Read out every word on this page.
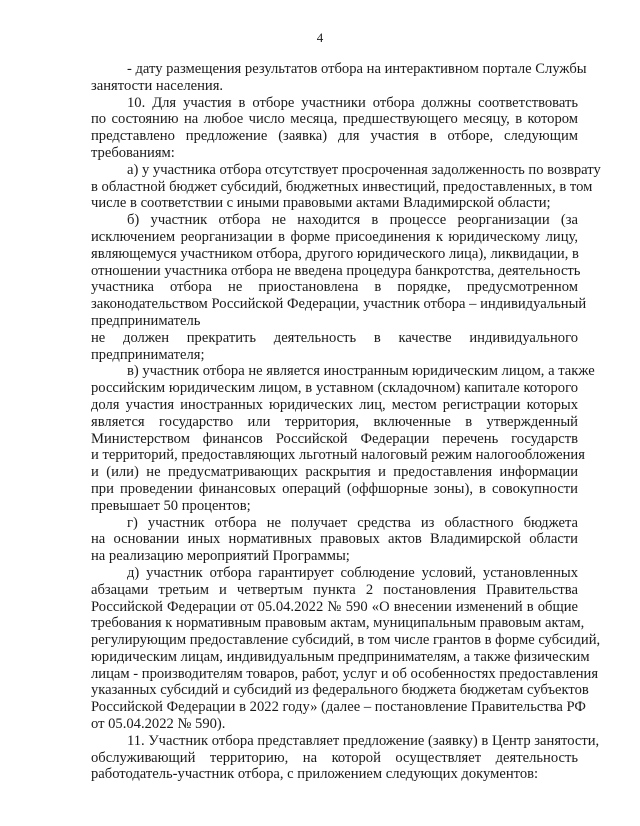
4
- дату размещения результатов отбора на интерактивном портале Службы
занятости населения.
10. Для участия в отборе участники отбора должны соответствовать
по состоянию на любое число месяца, предшествующего месяцу, в котором
представлено предложение (заявка) для участия в отборе, следующим
требованиям:
а) у участника отбора отсутствует просроченная задолженность по возврату
в областной бюджет субсидий, бюджетных инвестиций, предоставленных, в том
числе в соответствии с иными правовыми актами Владимирской области;
б) участник отбора не находится в процессе реорганизации (за
исключением реорганизации в форме присоединения к юридическому лицу,
являющемуся участником отбора, другого юридического лица), ликвидации, в
отношении участника отбора не введена процедура банкротства, деятельность
участника отбора не приостановлена в порядке, предусмотренном
законодательством Российской Федерации, участник отбора – индивидуальный
предприниматель
не должен прекратить деятельность в качестве индивидуального
предпринимателя;
в) участник отбора не является иностранным юридическим лицом, а также
российским юридическим лицом, в уставном (складочном) капитале которого
доля участия иностранных юридических лиц, местом регистрации которых
является государство или территория, включенные в утвержденный
Министерством финансов Российской Федерации перечень государств
и территорий, предоставляющих льготный налоговый режим налогообложения
и (или) не предусматривающих раскрытия и предоставления информации
при проведении финансовых операций (оффшорные зоны), в совокупности
превышает 50 процентов;
г) участник отбора не получает средства из областного бюджета
на основании иных нормативных правовых актов Владимирской области
на реализацию мероприятий Программы;
д) участник отбора гарантирует соблюдение условий, установленных
абзацами третьим и четвертым пункта 2 постановления Правительства
Российской Федерации от 05.04.2022 № 590 «О внесении изменений в общие
требования к нормативным правовым актам, муниципальным правовым актам,
регулирующим предоставление субсидий, в том числе грантов в форме субсидий,
юридическим лицам, индивидуальным предпринимателям, а также физическим
лицам - производителям товаров, работ, услуг и об особенностях предоставления
указанных субсидий и субсидий из федерального бюджета бюджетам субъектов
Российской Федерации в 2022 году» (далее – постановление Правительства РФ
от 05.04.2022 № 590).
11. Участник отбора представляет предложение (заявку) в Центр занятости,
обслуживающий территорию, на которой осуществляет деятельность
работодатель-участник отбора, с приложением следующих документов:
